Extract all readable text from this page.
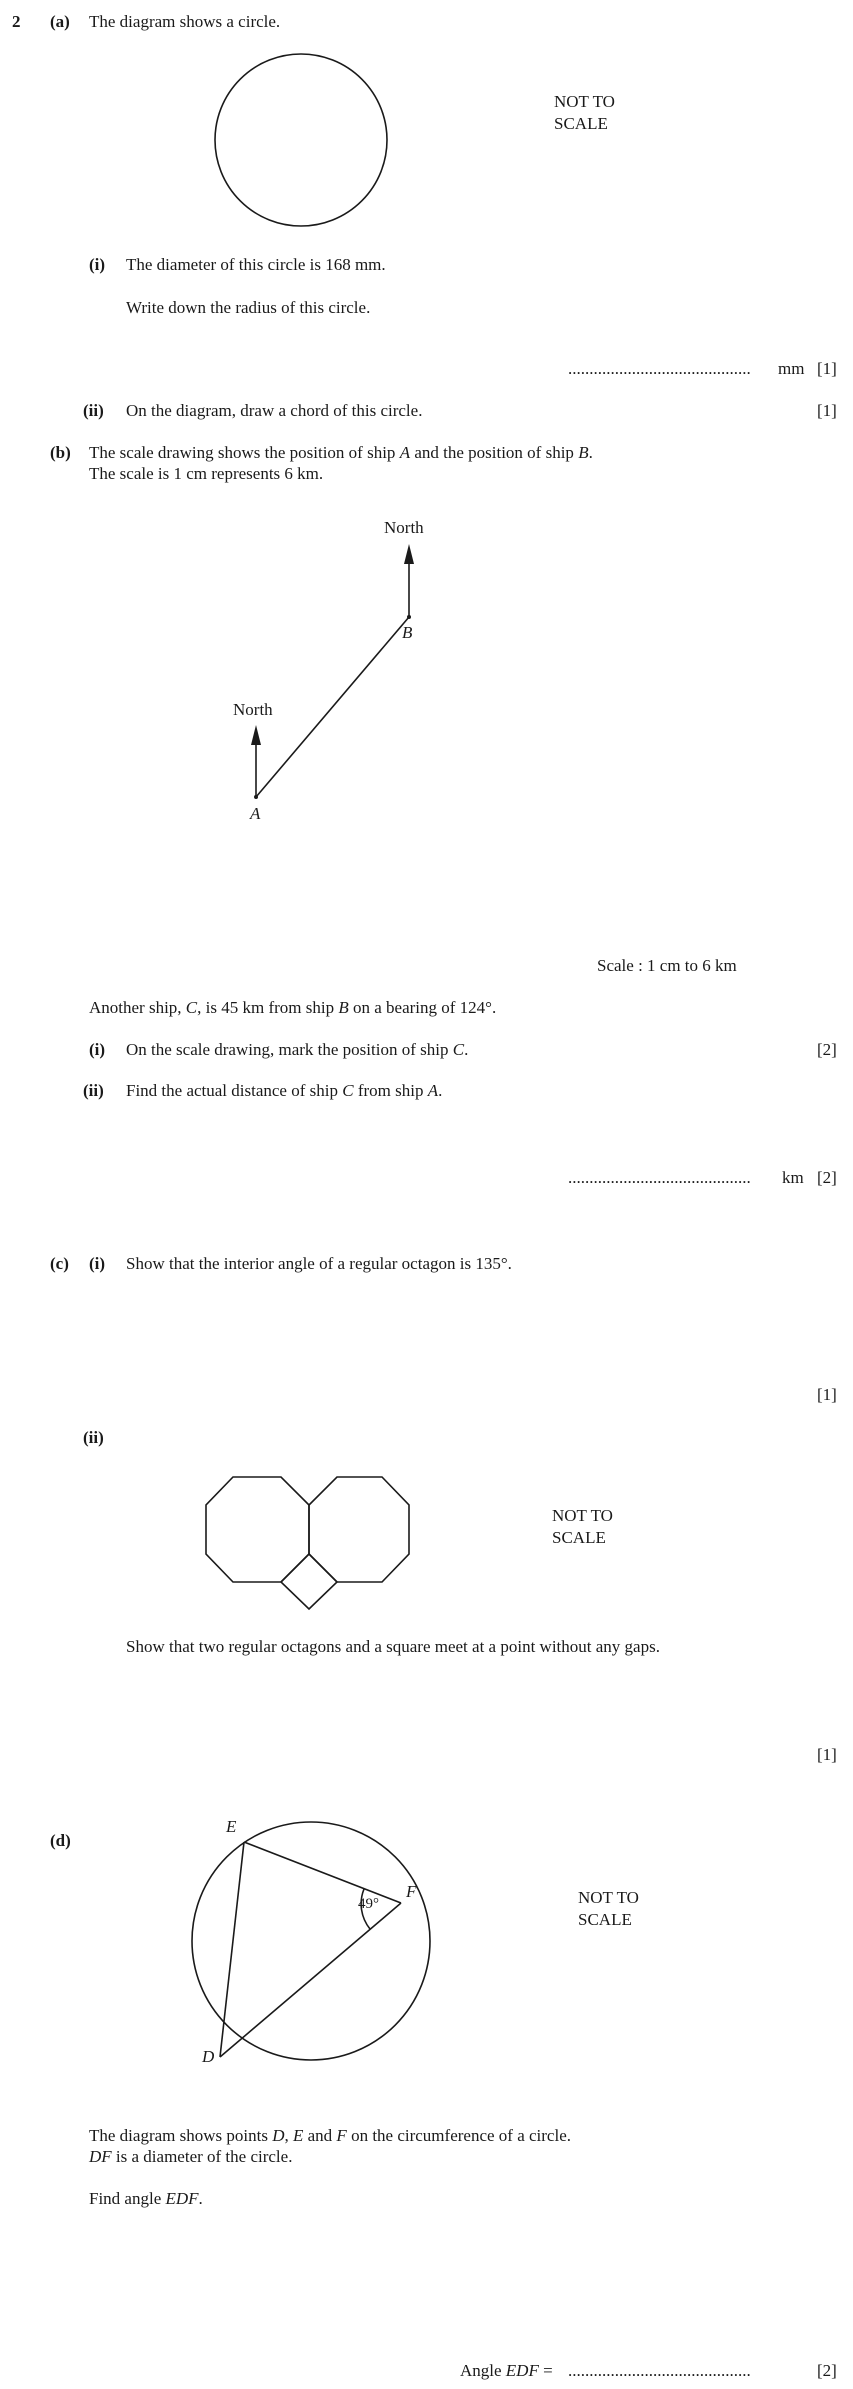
2 (a) The diagram shows a circle.
NOT TO
SCALE
(i) The diameter of this circle is 168 mm.
Write down the radius of this circle.
........................................... mm [1]
(ii) On the diagram, draw a chord of this circle.	[1]
(b) The scale drawing shows the position of ship A and the position of ship B.
The scale is 1 cm represents 6 km.
North
B
North
A
Scale : 1 cm to 6 km
Another ship, C, is 45 km from ship B on a bearing of 124°.
(i) On the scale drawing, mark the position of ship C.	[2]
(ii) Find the actual distance of ship C from ship A.
........................................... km [2]
(c) (i) Show that the interior angle of a regular octagon is 135°.
[1]
(ii)
NOT TO
SCALE
Show that two regular octagons and a square meet at a point without any gaps.
[1]
(d)
E
F
D
49°	NOT TO
SCALE
The diagram shows points D, E and F on the circumference of a circle.
DF is a diameter of the circle.
Find angle EDF.
Angle EDF = ...........................................	[2]
